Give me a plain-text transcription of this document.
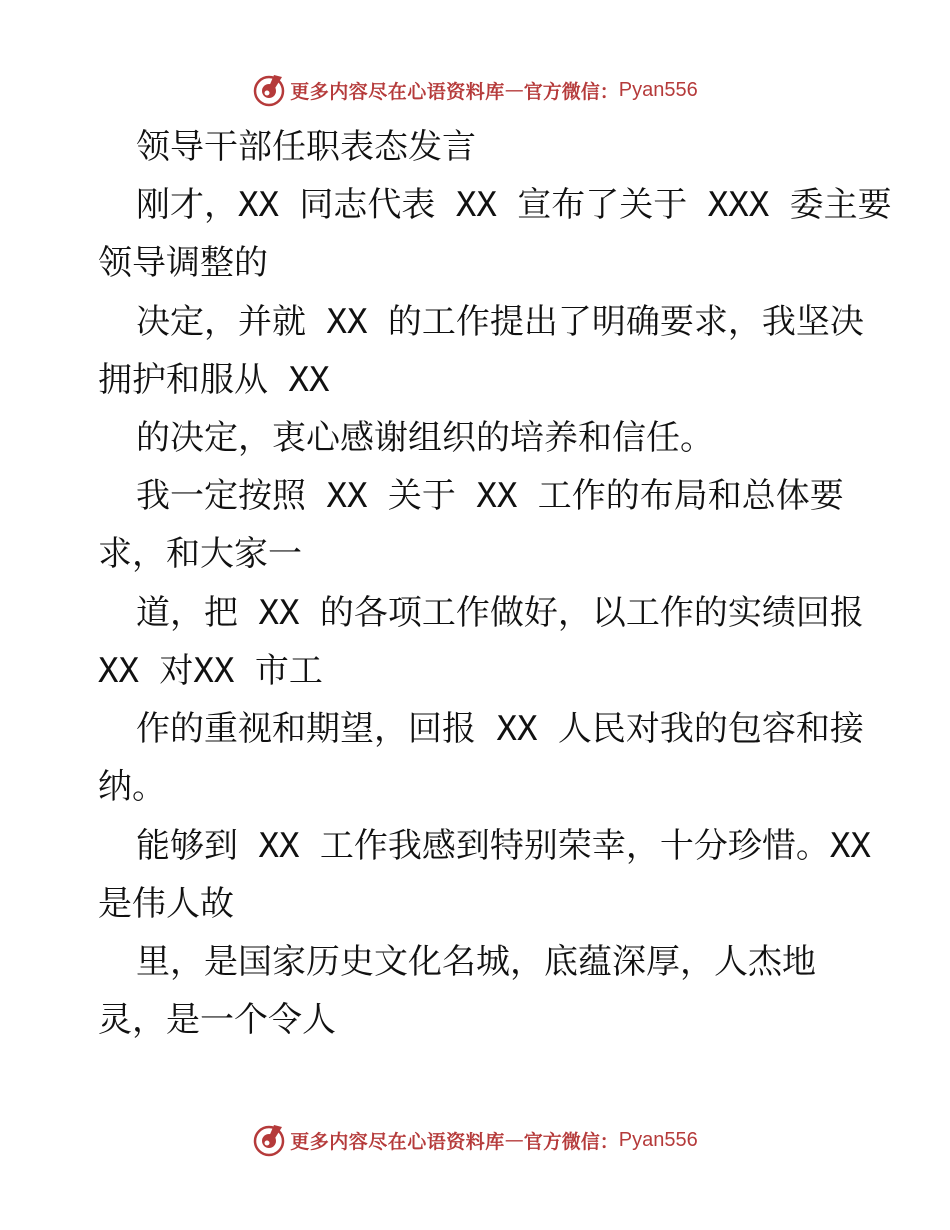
更多内容尽在心语资料库 — 官方微信： Pyan556
领导干部任职表态发言
刚才，XX 同志代表 XX 宣布了关于 XXX 委主要
领导调整的
决定，并就 XX 的工作提出了明确要求，我坚决
拥护和服从 XX
的决定，衷心感谢组织的培养和信任。
我一定按照 XX 关于 XX 工作的布局和总体要
求，和大家一
道，把 XX 的各项工作做好，以工作的实绩回报
XX 对XX 市工
作的重视和期望，回报 XX 人民对我的包容和接
纳。
能够到 XX 工作我感到特别荣幸，十分珍惜。XX
是伟人故
里，是国家历史文化名城，底蕴深厚，人杰地
灵，是一个令人
更多内容尽在心语资料库 — 官方微信： Pyan556
